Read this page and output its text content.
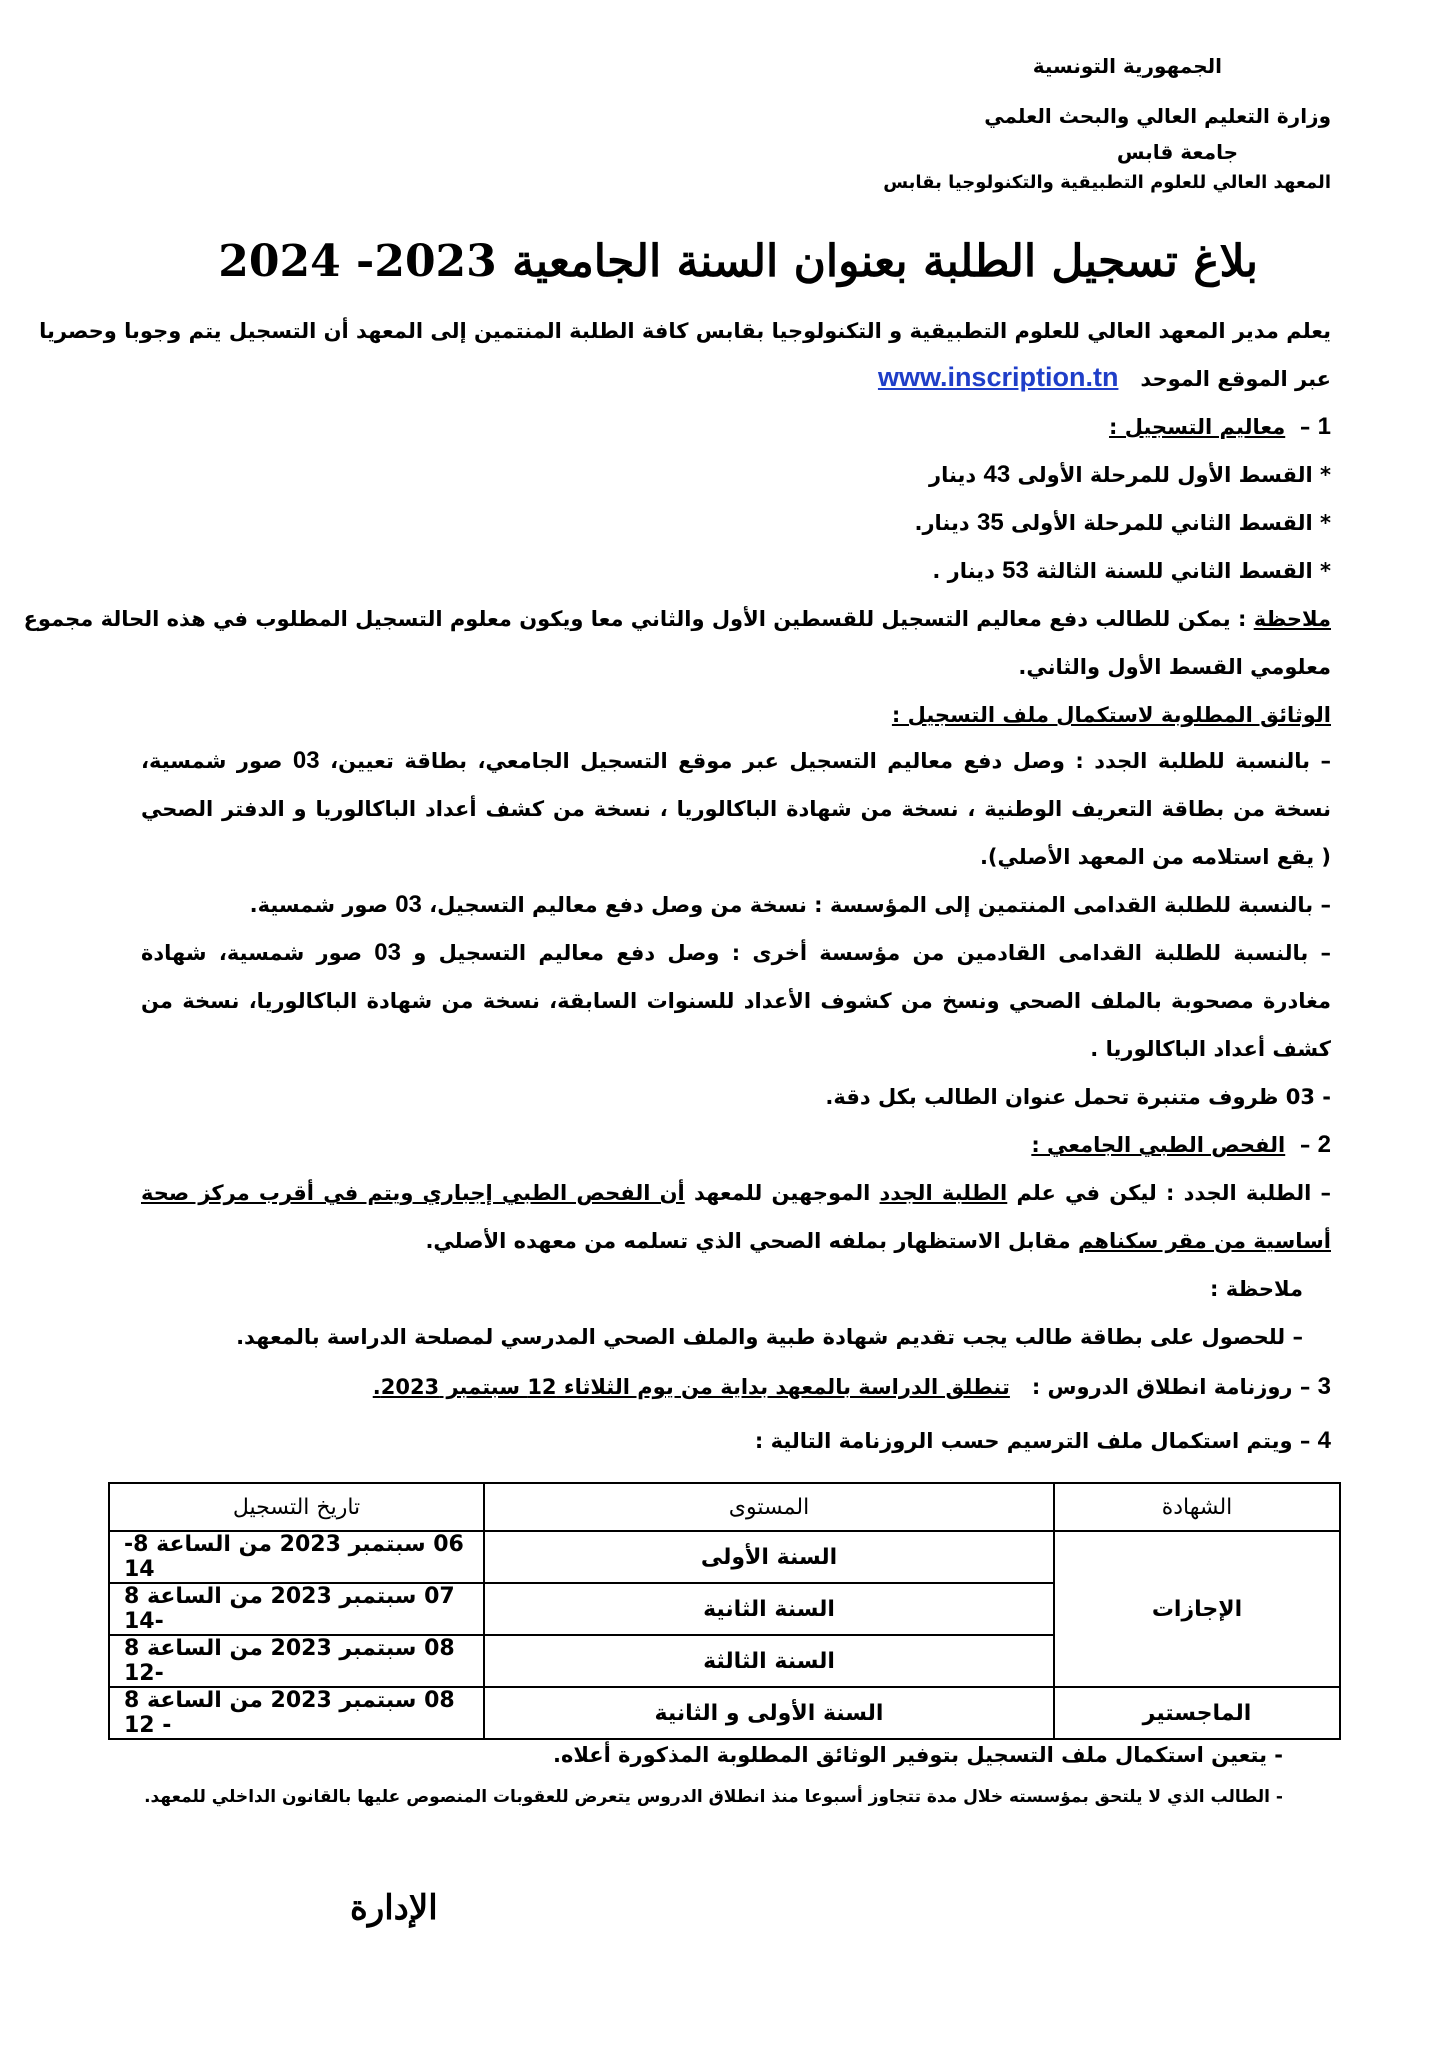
الجمهورية التونسية
وزارة التعليم العالي والبحث العلمي
جامعة قابس
المعهد العالي للعلوم التطبيقية والتكنولوجيا بقابس
بلاغ تسجيل الطلبة بعنوان السنة الجامعية 2023- 2024
يعلم مدير المعهد العالي للعلوم التطبيقية و التكنولوجيا بقابس كافة الطلبة المنتمين إلى المعهد أن التسجيل يتم وجوبا وحصريا
عبر الموقع الموحد   www.inscription.tn
1 –  معاليم التسجيل :
* القسط الأول للمرحلة الأولى 43 دينار
* القسط الثاني للمرحلة الأولى 35 دينار.
* القسط الثاني للسنة الثالثة 53 دينار .
ملاحظة : يمكن للطالب دفع معاليم التسجيل للقسطين الأول والثاني معا ويكون معلوم التسجيل المطلوب في هذه الحالة مجموع
معلومي القسط الأول والثاني.
الوثائق المطلوبة لاستكمال ملف التسجيل :
– بالنسبة للطلبة الجدد : وصل دفع معاليم التسجيل عبر موقع التسجيل الجامعي، بطاقة تعيين، 03 صور شمسية،
نسخة من بطاقة التعريف الوطنية ، نسخة من شهادة الباكالوريا ، نسخة من كشف أعداد الباكالوريا و الدفتر الصحي
( يقع استلامه من المعهد الأصلي).
– بالنسبة للطلبة القدامى المنتمين إلى المؤسسة : نسخة من وصل دفع معاليم التسجيل، 03 صور شمسية.
– بالنسبة للطلبة القدامى القادمين من مؤسسة أخرى : وصل دفع معاليم التسجيل و 03 صور شمسية، شهادة
مغادرة مصحوبة بالملف الصحي ونسخ من كشوف الأعداد للسنوات السابقة، نسخة من شهادة الباكالوريا، نسخة من
كشف أعداد الباكالوريا .
- 03 ظروف متنبرة تحمل عنوان الطالب بكل دقة.
2 –  الفحص الطبي الجامعي :
– الطلبة الجدد : ليكن في علم الطلبة الجدد الموجهين للمعهد أن الفحص الطبي إجباري ويتم في أقرب مركز صحة
أساسية من مقر سكناهم مقابل الاستظهار بملفه الصحي الذي تسلمه من معهده الأصلي.
ملاحظة :
– للحصول على بطاقة طالب يجب تقديم شهادة طبية والملف الصحي المدرسي لمصلحة الدراسة بالمعهد.
3 – روزنامة انطلاق الدروس :   تنطلق الدراسة بالمعهد بداية من يوم الثلاثاء 12 سبتمبر 2023.
4 – ويتم استكمال ملف الترسيم حسب الروزنامة التالية :
الشهادة	المستوى	تاريخ التسجيل
الإجازات	السنة الأولى	06 سبتمبر 2023 من الساعة 8-14
	السنة الثانية	07 سبتمبر 2023 من الساعة 8 -14
	السنة الثالثة	08 سبتمبر 2023 من الساعة 8 -12
الماجستير	السنة الأولى و الثانية	08 سبتمبر 2023 من الساعة 8 - 12
- يتعين استكمال ملف التسجيل بتوفير الوثائق المطلوبة المذكورة أعلاه.
- الطالب الذي لا يلتحق بمؤسسته خلال مدة تتجاوز أسبوعا منذ انطلاق الدروس يتعرض للعقوبات المنصوص عليها بالقانون الداخلي للمعهد.
الإدارة
